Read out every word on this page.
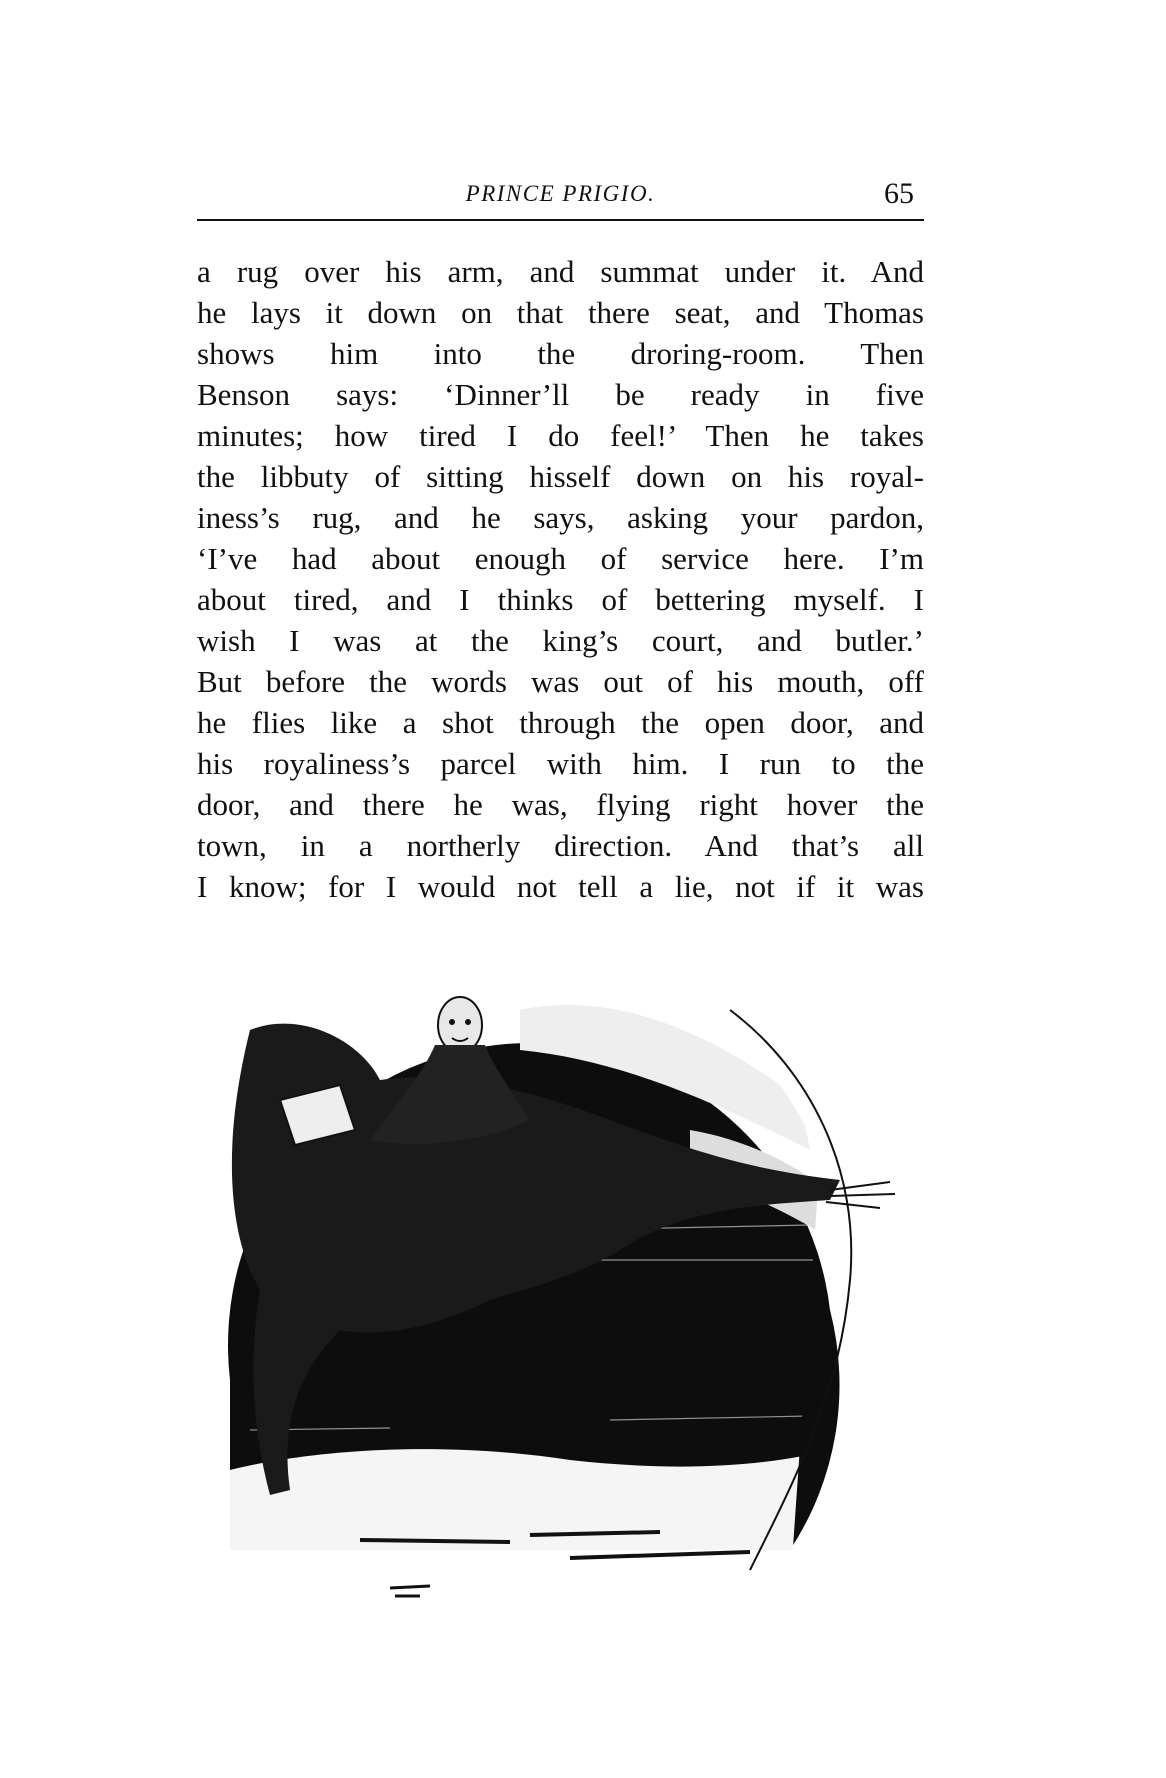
PRINCE PRIGIO.	65
a rug over his arm, and summat under it. And
he lays it down on that there seat, and Thomas
shows him into the droring-room. Then
Benson says: ‘Dinner’ll be ready in five
minutes; how tired I do feel!’ Then he takes
the libbuty of sitting hisself down on his royal-
iness’s rug, and he says, asking your pardon,
‘I’ve had about enough of service here. I’m
about tired, and I thinks of bettering myself. I
wish I was at the king’s court, and butler.’
But before the words was out of his mouth, off
he flies like a shot through the open door, and
his royaliness’s parcel with him. I run to the
door, and there he was, flying right hover the
town, in a northerly direction. And that’s all
I know; for I would not tell a lie, not if it was
